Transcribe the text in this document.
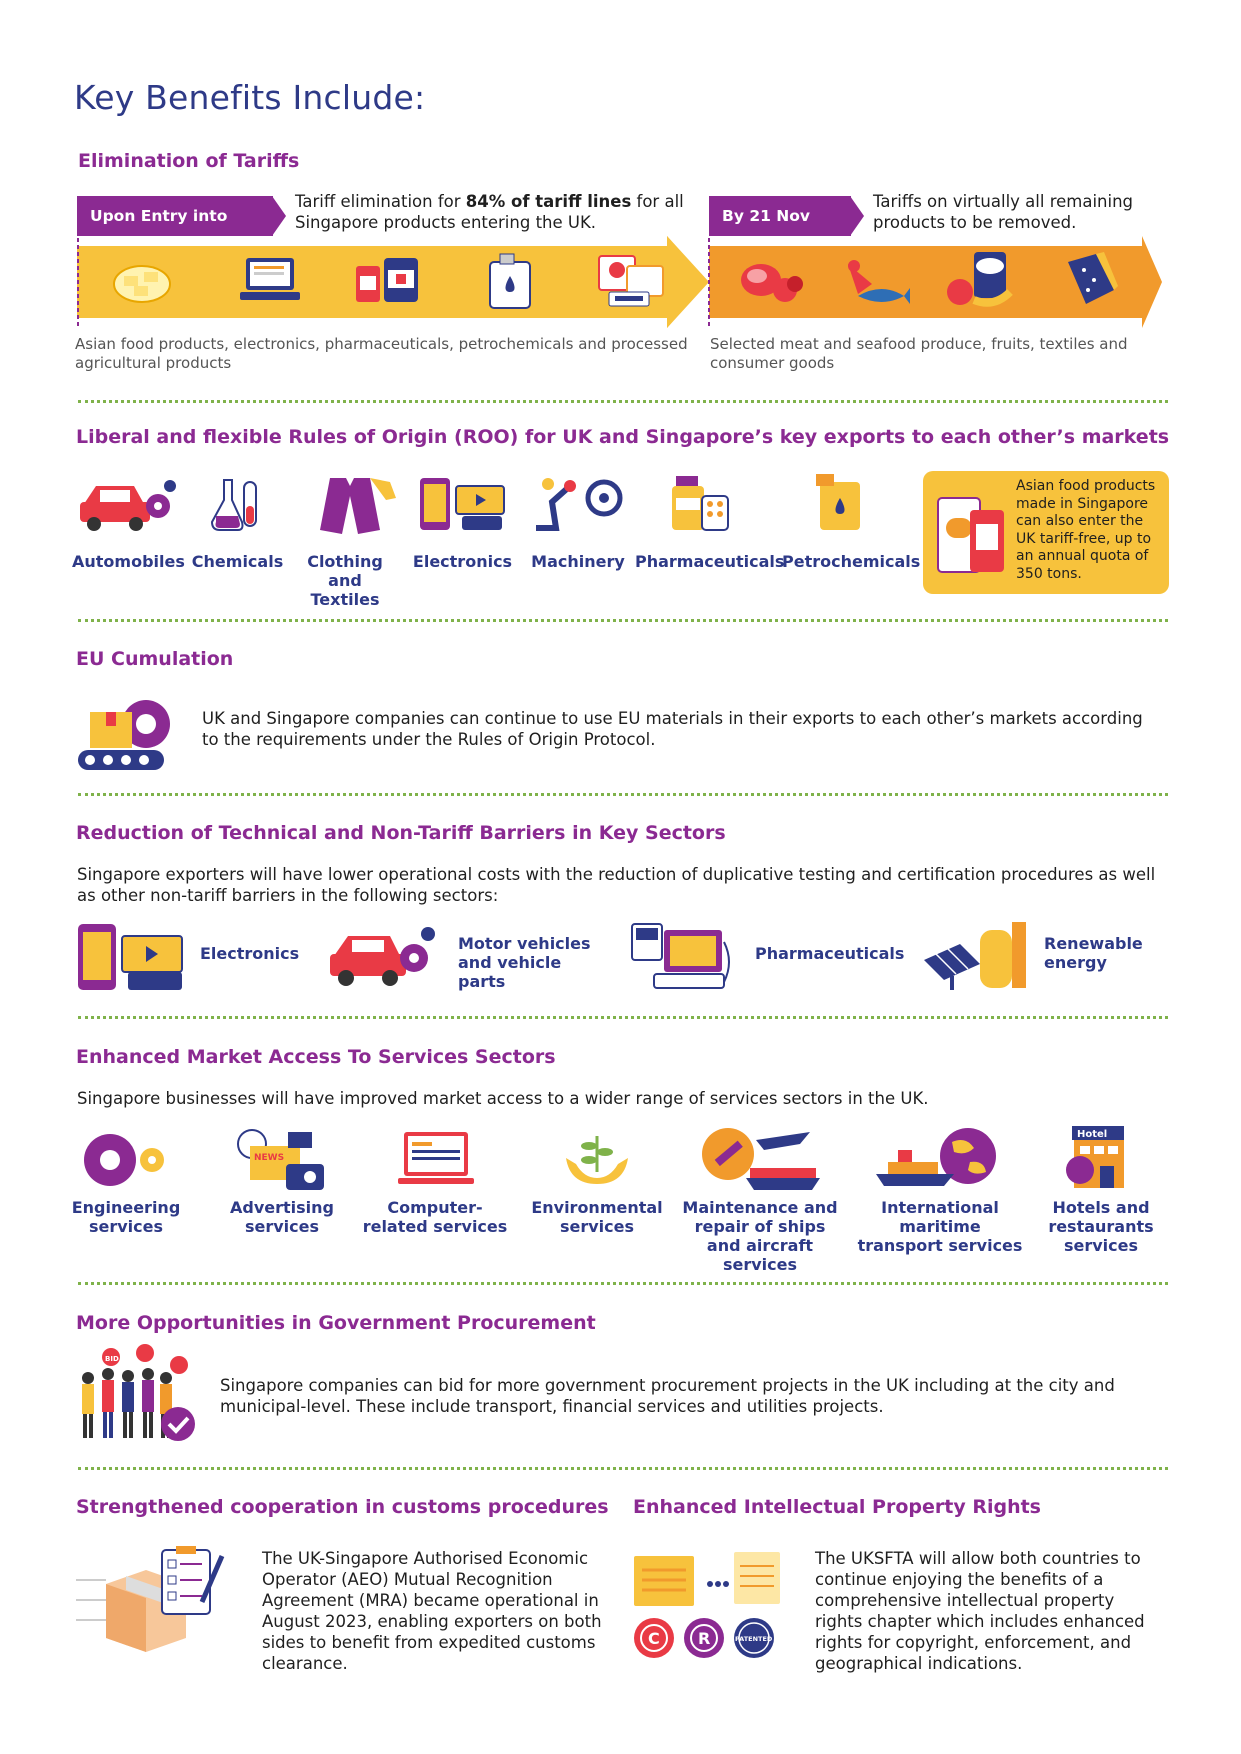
Key Benefits Include:
Elimination of Tariffs
Upon Entry into
Tariff elimination for 84% of tariff lines for all Singapore products entering the UK.	By 21 Nov
Tariffs on virtually all remaining products to be removed.
Asian food products, electronics, pharmaceuticals, petrochemicals and processed agricultural products
Selected meat and seafood produce, fruits, textiles and consumer goods
Liberal and flexible Rules of Origin (ROO) for UK and Singapore’s key exports to each other’s markets
Automobiles Chemicals	Clothing and Textiles
Electronics Machinery Pharmaceuticals
Petrochemicals
Asian food products made in Singapore can also enter the UK tariff-free, up to an annual quota of 350 tons.
EU Cumulation
UK and Singapore companies can continue to use EU materials in their exports to each other’s markets according to the requirements under the Rules of Origin Protocol.
Reduction of Technical and Non-Tariff Barriers in Key Sectors
Singapore exporters will have lower operational costs with the reduction of duplicative testing and certification procedures as well as other non-tariff barriers in the following sectors:
Electronics
Motor vehicles and vehicle parts
Pharmaceuticals
Renewable energy
Enhanced Market Access To Services Sectors
Singapore businesses will have improved market access to a wider range of services sectors in the UK.
NEWS
Hotel
Engineering services
Advertising services
Computer-related services
Environmental services
Maintenance and repair of ships and aircraft services
International maritime transport services
Hotels and restaurants services
More Opportunities in Government Procurement
BID
Singapore companies can bid for more government procurement projects in the UK including at the city and municipal-level. These include transport, financial services and utilities projects.
Strengthened cooperation in customs procedures
The UK-Singapore Authorised Economic Operator (AEO) Mutual Recognition Agreement (MRA) became operational in August 2023, enabling exporters on both sides to benefit from expedited customs clearance.
Enhanced Intellectual Property Rights
C R	PATENTED
The UKSFTA will allow both countries to continue enjoying the benefits of a comprehensive intellectual property rights chapter which includes enhanced rights for copyright, enforcement, and geographical indications.
